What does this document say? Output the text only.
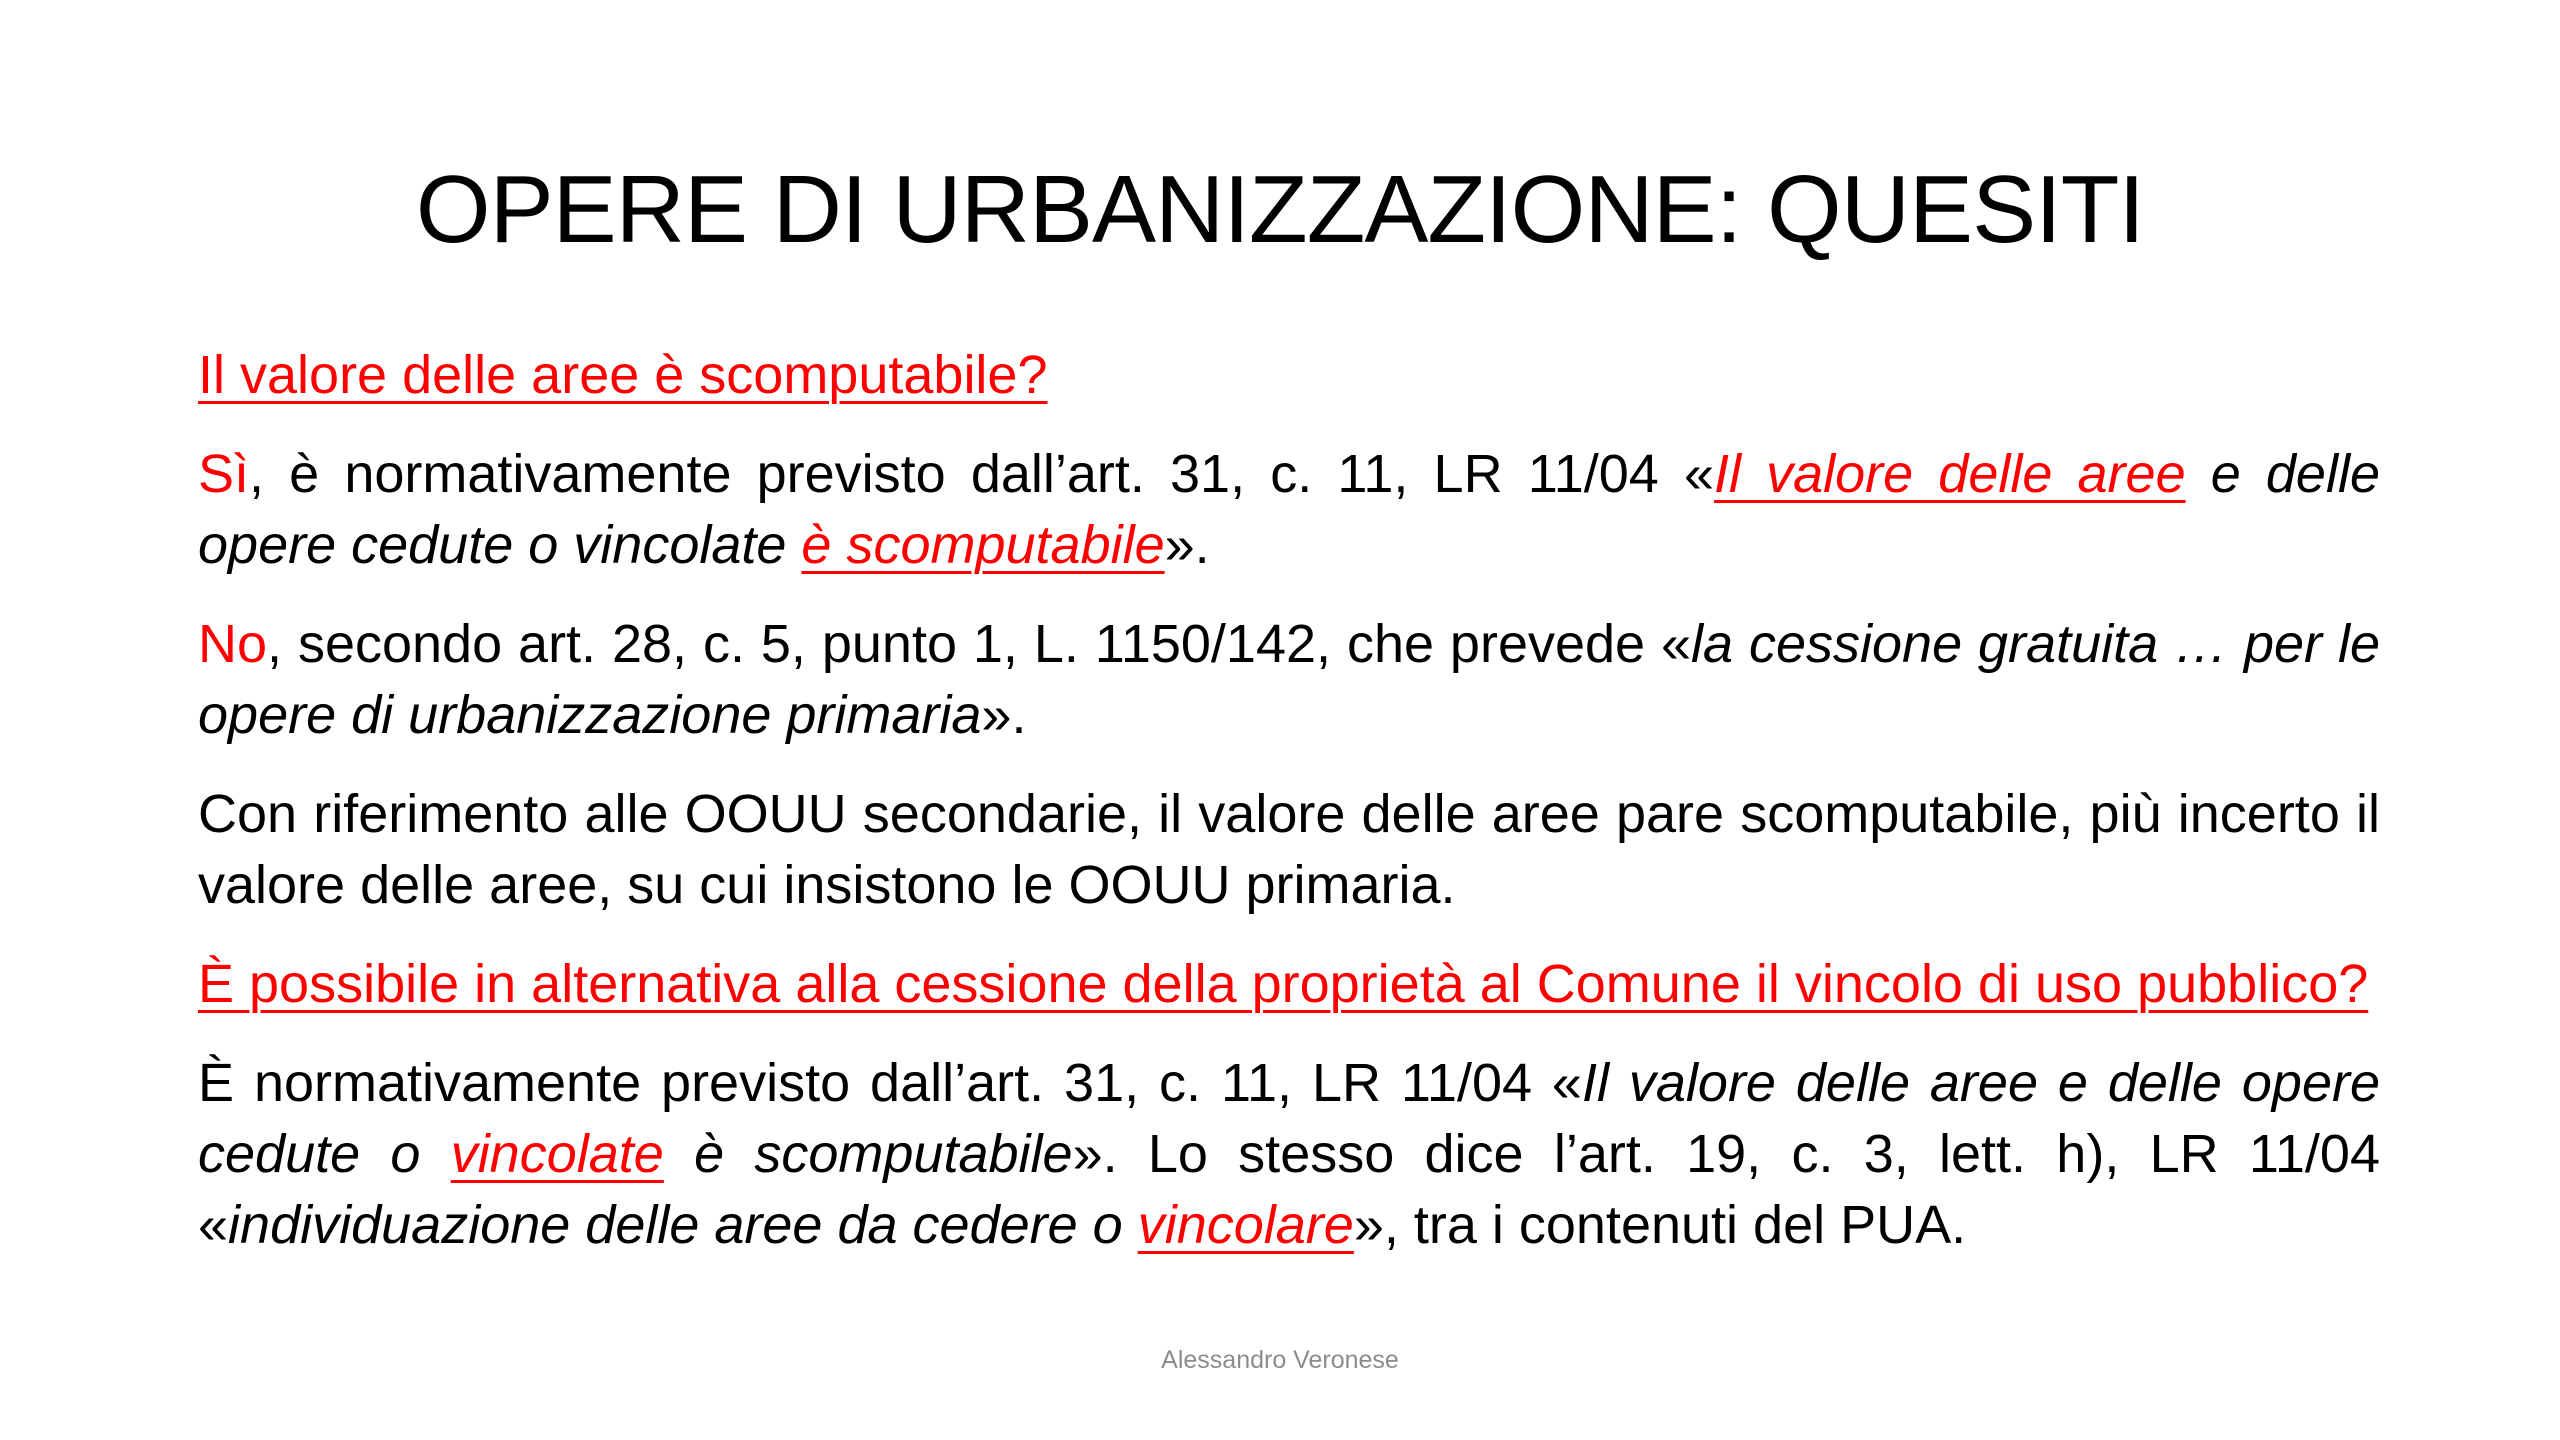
OPERE DI URBANIZZAZIONE: QUESITI

Il valore delle aree è scomputabile?

Sì, è normativamente previsto dall’art. 31, c. 11, LR 11/04 «Il valore delle aree e delle opere cedute o vincolate è scomputabile».

No, secondo art. 28, c. 5, punto 1, L. 1150/142, che prevede «la cessione gratuita … per le opere di urbanizzazione primaria».

Con riferimento alle OOUU secondarie, il valore delle aree pare scomputabile, più incerto il valore delle aree, su cui insistono le OOUU primaria.

È possibile in alternativa alla cessione della proprietà al Comune il vincolo di uso pubblico?

È normativamente previsto dall’art. 31, c. 11, LR 11/04 «Il valore delle aree e delle opere cedute o vincolate è scomputabile». Lo stesso dice l’art. 19, c. 3, lett. h), LR 11/04 «individuazione delle aree da cedere o vincolare», tra i contenuti del PUA.

Alessandro Veronese
